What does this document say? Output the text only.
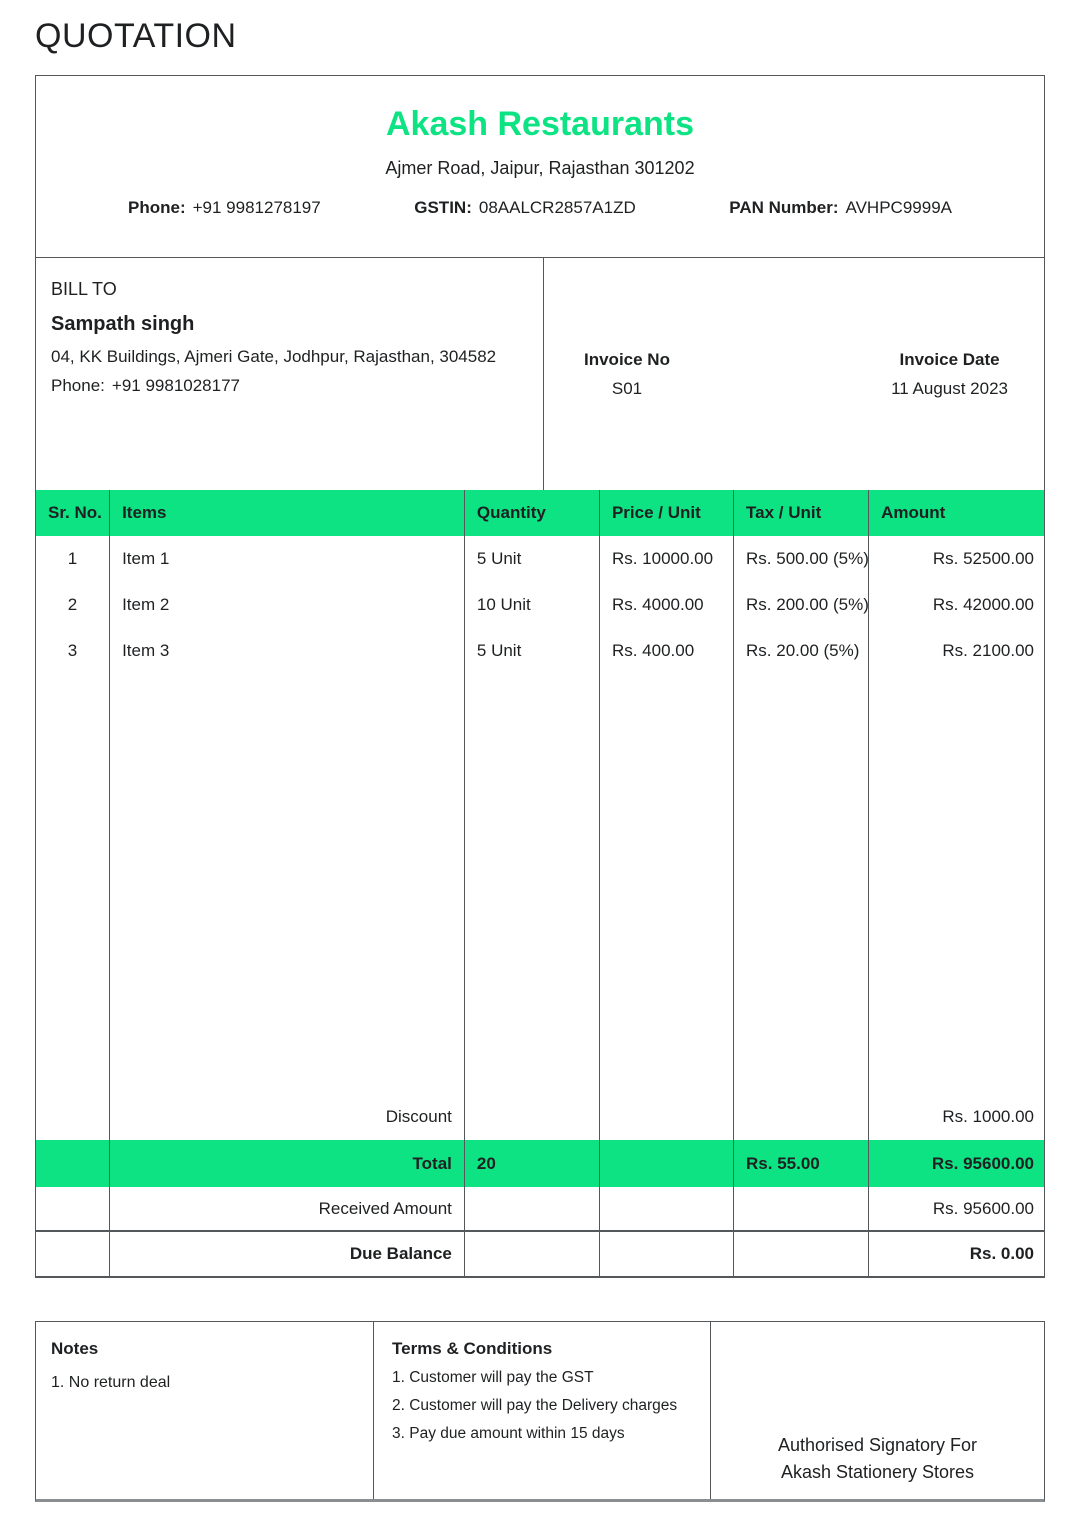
QUOTATION
Akash Restaurants
Ajmer Road, Jaipur, Rajasthan 301202
Phone: +91 9981278197	GSTIN: 08AALCR2857A1ZD	PAN Number: AVHPC9999A
BILL TO
Sampath singh
04, KK Buildings, Ajmeri Gate, Jodhpur, Rajasthan, 304582
Phone: +91 9981028177
Invoice No
S01
Invoice Date
11 August 2023
Sr. No.	Items	Quantity	Price / Unit	Tax / Unit	Amount
1	Item 1	5 Unit	Rs. 10000.00	Rs. 500.00 (5%)	Rs. 52500.00
2	Item 2	10 Unit	Rs. 4000.00	Rs. 200.00 (5%)	Rs. 42000.00
3	Item 3	5 Unit	Rs. 400.00	Rs. 20.00 (5%)	Rs. 2100.00

	Discount				Rs. 1000.00
	Total	20		Rs. 55.00	Rs. 95600.00
	Received Amount				Rs. 95600.00
	Due Balance				Rs. 0.00
Notes
1. No return deal
Terms & Conditions
1. Customer will pay the GST
2. Customer will pay the Delivery charges
3. Pay due amount within 15 days
Authorised Signatory For
Akash Stationery Stores
